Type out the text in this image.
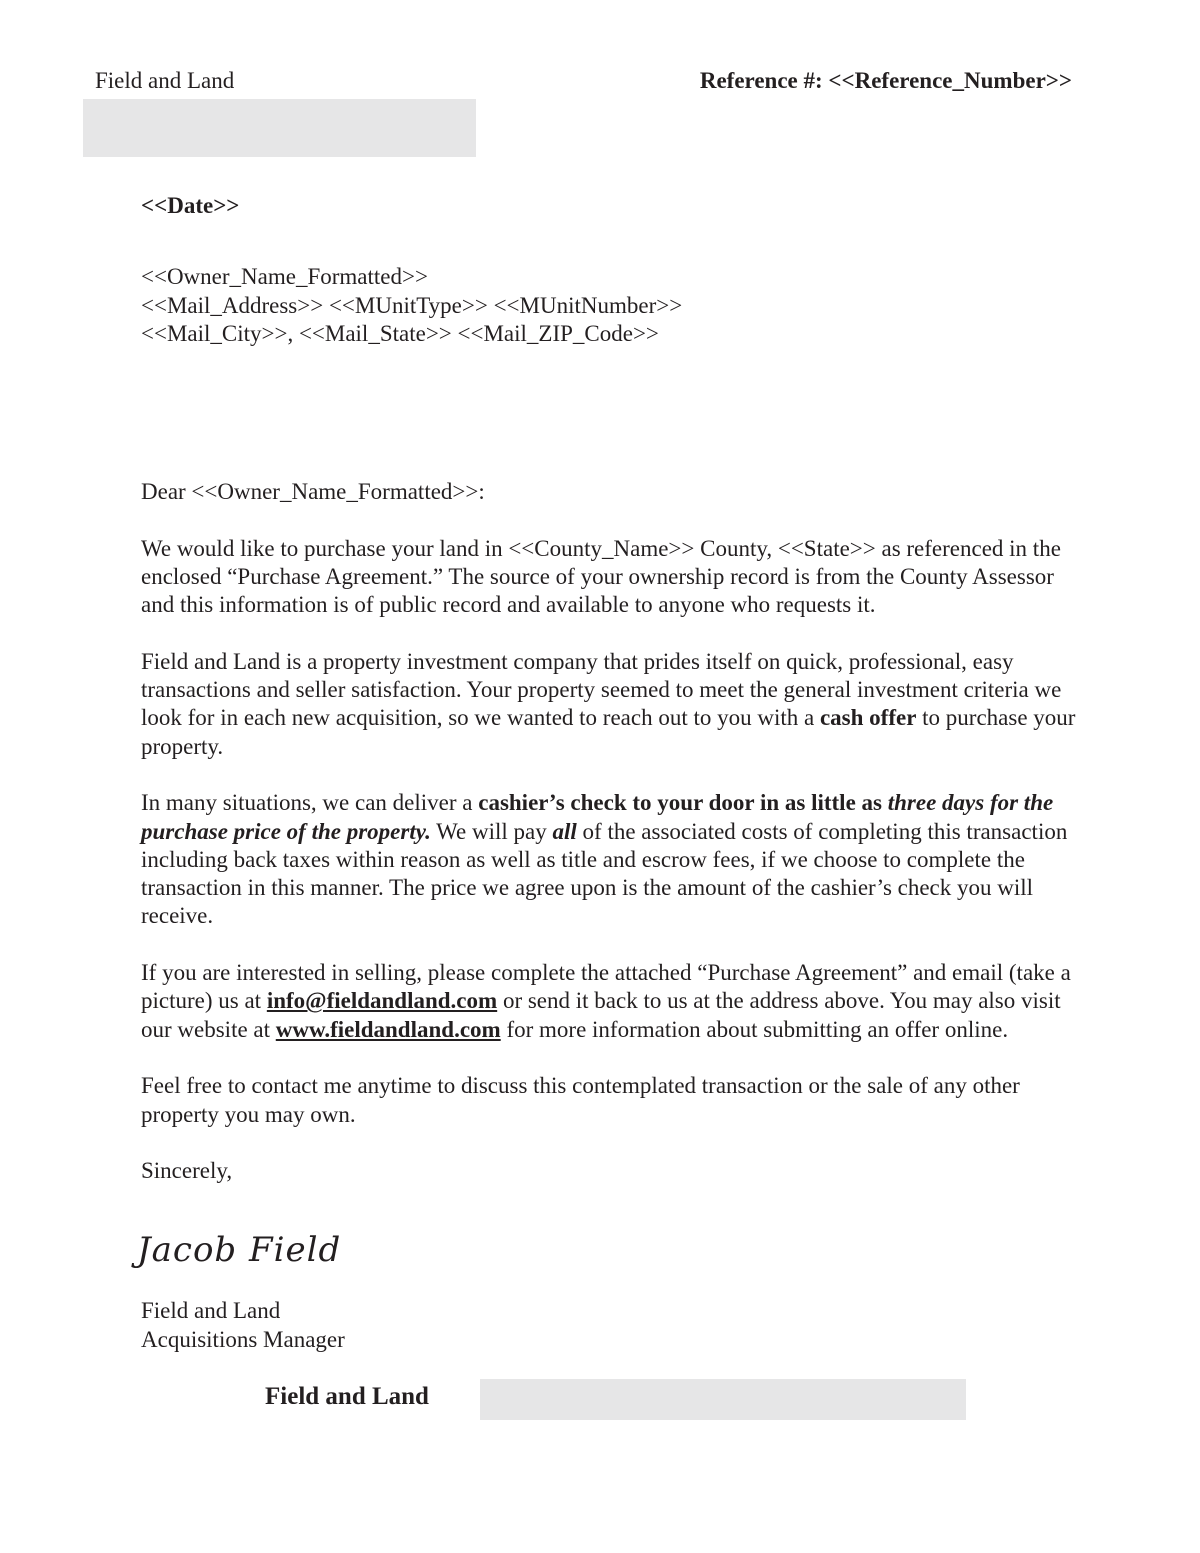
Field and Land	Reference #: <<Reference_Number>>
<<Date>>
<<Owner_Name_Formatted>>
<<Mail_Address>> <<MUnitType>> <<MUnitNumber>>
<<Mail_City>>, <<Mail_State>> <<Mail_ZIP_Code>>

Dear <<Owner_Name_Formatted>>:

We would like to purchase your land in <<County_Name>> County, <<State>> as referenced in the enclosed “Purchase Agreement.” The source of your ownership record is from the County Assessor and this information is of public record and available to anyone who requests it.

Field and Land is a property investment company that prides itself on quick, professional, easy transactions and seller satisfaction. Your property seemed to meet the general investment criteria we look for in each new acquisition, so we wanted to reach out to you with a cash offer to purchase your property.

In many situations, we can deliver a cashier’s check to your door in as little as three days for the purchase price of the property. We will pay all of the associated costs of completing this transaction including back taxes within reason as well as title and escrow fees, if we choose to complete the transaction in this manner. The price we agree upon is the amount of the cashier’s check you will receive.

If you are interested in selling, please complete the attached “Purchase Agreement” and email (take a picture) us at info@fieldandland.com or send it back to us at the address above. You may also visit our website at www.fieldandland.com for more information about submitting an offer online.

Feel free to contact me anytime to discuss this contemplated transaction or the sale of any other property you may own.

Sincerely,

Jacob Field
Field and Land
Acquisitions Manager
Field and Land
